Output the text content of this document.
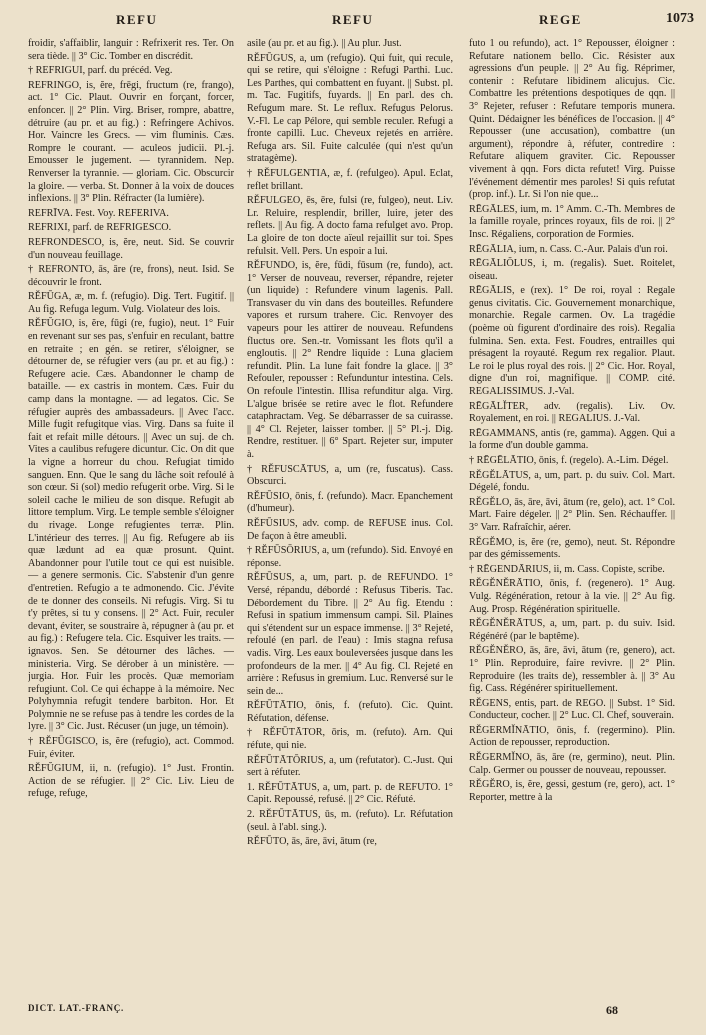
REFU	REFU	REGE	1073

froidir, s'affaiblir, languir : Refrixerit res. Ter. On sera tiède. || 3° Cic. Tomber en discrédit.

† REFRIGUI, parf. du précéd. Veg.

REFRINGO, is, ĕre, frēgi, fructum (re, frango), act. 1° Cic. Plaut. Ouvrir en forçant, forcer, enfoncer. || 2° Plin. Virg. Briser, rompre, abattre, détruire (au pr. et au fig.) : Refringere Achivos. Hor. Vaincre les Grecs. — vim fluminis. Cæs. Rompre le courant. — aculeos judicii. Pl.-j. Emousser le jugement. — tyrannidem. Nep. Renverser la tyrannie. — gloriam. Cic. Obscurcir la gloire. — verba. St. Donner à la voix de douces inflexions. || 3° Plin. Réfracter (la lumière).

REFRĪVA. Fest. Voy. REFERIVA.

REFRIXI, parf. de REFRIGESCO.

REFRONDESCO, is, ĕre, neut. Sid. Se couvrir d'un nouveau feuillage.

† REFRONTO, ās, āre (re, frons), neut. Isid. Se découvrir le front.

RĔFŪGA, æ, m. f. (refugio). Dig. Tert. Fugitif. || Au fig. Refuga legum. Vulg. Violateur des lois.

RĔFŬGIO, is, ĕre, fūgi (re, fugio), neut. 1° Fuir en revenant sur ses pas, s'enfuir en reculant, battre en retraite ; en gén. se retirer, s'éloigner, se détourner de, se réfugier vers (au pr. et au fig.) : Refugere acie. Cæs. Abandonner le champ de bataille. — ex castris in montem. Cæs. Fuir du camp dans la montagne. — ad legatos. Cic. Se réfugier auprès des ambassadeurs. || Avec l'acc. Mille fugit refugitque vias. Virg. Dans sa fuite il fait et refait mille détours. || Avec un suj. de ch. Vites a caulibus refugere dicuntur. Cic. On dit que la vigne a horreur du chou. Refugiat timido sanguen. Enn. Que le sang du lâche soit refoulé à son cœur. Si (sol) medio refugerit orbe. Virg. Si le soleil cache le milieu de son disque. Refugit ab littore templum. Virg. Le temple semble s'éloigner du rivage. Longe refugientes terræ. Plin. L'intérieur des terres. || Au fig. Refugere ab iis quæ lædunt ad ea quæ prosunt. Quint. Abandonner pour l'utile tout ce qui est nuisible. — a genere sermonis. Cic. S'abstenir d'un genre d'entretien. Refugio a te admonendo. Cic. J'évite de te donner des conseils. Ni refugis. Virg. Si tu t'y prêtes, si tu y consens. || 2° Act. Fuir, reculer devant, éviter, se soustraire à, répugner à (au pr. et au fig.) : Refugere tela. Cic. Esquiver les traits. — ignavos. Sen. Se détourner des lâches. — ministeria. Virg. Se dérober à un ministère. — jurgia. Hor. Fuir les procès. Quæ memoriam refugiunt. Col. Ce qui échappe à la mémoire. Nec Polyhymnia refugit tendere barbiton. Hor. Et Polymnie ne se refuse pas à tendre les cordes de la lyre. || 3° Cic. Just. Récuser (un juge, un témoin).

† RĔFŪGISCO, is, ĕre (refugio), act. Commod. Fuir, éviter.

RĔFŬGIUM, ii, n. (refugio). 1° Just. Frontin. Action de se réfugier. || 2° Cic. Liv. Lieu de refuge, refuge,

asile (au pr. et au fig.). || Au plur. Just.

RĔFŪGUS, a, um (refugio). Qui fuit, qui recule, qui se retire, qui s'éloigne : Refugi Parthi. Luc. Les Parthes, qui combattent en fuyant. || Subst. pl. m. Tac. Fugitifs, fuyards. || En parl. des ch. Refugum mare. St. Le reflux. Refugus Pelorus. V.-Fl. Le cap Pélore, qui semble reculer. Refugi a fronte capilli. Luc. Cheveux rejetés en arrière. Refuga ars. Sil. Fuite calculée (qui n'est qu'un stratagème).

† RĔFULGENTIA, æ, f. (refulgeo). Apul. Eclat, reflet brillant.

RĔFULGEO, ēs, ēre, fulsi (re, fulgeo), neut. Liv. Lr. Reluire, resplendir, briller, luire, jeter des reflets. || Au fig. A docto fama refulget avo. Prop. La gloire de ton docte aïeul rejaillit sur toi. Spes refulsit. Vell. Pers. Un espoir a lui.

RĔFUNDO, is, ĕre, fūdi, fūsum (re, fundo), act. 1° Verser de nouveau, reverser, répandre, rejeter (un liquide) : Refundere vinum lagenis. Pall. Transvaser du vin dans des bouteilles. Refundere vapores et rursum trahere. Cic. Renvoyer des vapeurs pour les attirer de nouveau. Refundens fluctus ore. Sen.-tr. Vomissant les flots qu'il a engloutis. || 2° Rendre liquide : Luna glaciem refundit. Plin. La lune fait fondre la glace. || 3° Refouler, repousser : Refunduntur intestina. Cels. On refoule l'intestin. Illisa refunditur alga. Virg. L'algue brisée se retire avec le flot. Refundere cataphractam. Veg. Se débarrasser de sa cuirasse. || 4° Cl. Rejeter, laisser tomber. || 5° Pl.-j. Dig. Rendre, restituer. || 6° Spart. Rejeter sur, imputer à.

† RĔFUSCĀTUS, a, um (re, fuscatus). Cass. Obscurci.

RĔFŪSIO, ōnis, f. (refundo). Macr. Epanchement (d'humeur).

RĔFŪSIUS, adv. comp. de REFUSE inus. Col. De façon à être ameubli.

† RĔFŪSŌRIUS, a, um (refundo). Sid. Envoyé en réponse.

RĔFŪSUS, a, um, part. p. de REFUNDO. 1° Versé, répandu, débordé : Refusus Tiberis. Tac. Débordement du Tibre. || 2° Au fig. Etendu : Refusi in spatium immensum campi. Sil. Plaines qui s'étendent sur un espace immense. || 3° Rejeté, refoulé (en parl. de l'eau) : Imis stagna refusa vadis. Virg. Les eaux bouleversées jusque dans les profondeurs de la mer. || 4° Au fig. Cl. Rejeté en arrière : Refusus in gremium. Luc. Renversé sur le sein de...

RĔFŪTĀTIO, ōnis, f. (refuto). Cic. Quint. Réfutation, défense.

† RĔFŪTĀTOR, ōris, m. (refuto). Arn. Qui réfute, qui nie.

RĔFŪTĀTŌRIUS, a, um (refutator). C.-Just. Qui sert à réfuter.

1. RĔFŪTĀTUS, a, um, part. p. de REFUTO. 1° Capit. Repoussé, refusé. || 2° Cic. Réfuté.

2. RĔFŪTĀTUS, ūs, m. (refuto). Lr. Réfutation (seul. à l'abl. sing.).

RĔFŪTO, ās, āre, āvi, ātum (re,

futo 1 ou refundo), act. 1° Repousser, éloigner : Refutare nationem bello. Cic. Résister aux agressions d'un peuple. || 2° Au fig. Réprimer, contenir : Refutare libidinem alicujus. Cic. Combattre les prétentions despotiques de qqn. || 3° Rejeter, refuser : Refutare temporis munera. Quint. Dédaigner les bénéfices de l'occasion. || 4° Repousser (une accusation), combattre (un argument), répondre à, réfuter, contredire : Refutare aliquem graviter. Cic. Repousser vivement à qqn. Fors dicta refutet! Virg. Puisse l'événement démentir mes paroles! Si quis refutat (prop. inf.). Lr. Si l'on nie que...

RĒGĀLES, ium, m. 1° Amm. C.-Th. Membres de la famille royale, princes royaux, fils de roi. || 2° Insc. Régaliens, corporation de Formies.

RĒGĀLIA, ium, n. Cass. C.-Aur. Palais d'un roi.

RĒGĀLIŎLUS, i, m. (regalis). Suet. Roitelet, oiseau.

RĒGĀLIS, e (rex). 1° De roi, royal : Regale genus civitatis. Cic. Gouvernement monarchique, monarchie. Regale carmen. Ov. La tragédie (poème où figurent d'ordinaire des rois). Regalia fulmina. Sen. exta. Fest. Foudres, entrailles qui présagent la royauté. Regum rex regalior. Plaut. Le roi le plus royal des rois. || 2° Cic. Hor. Royal, digne d'un roi, magnifique. || COMP. cité. REGALISSIMUS. J.-Val.

RĒGĀLĬTER, adv. (regalis). Liv. Ov. Royalement, en roi. || REGALIUS. J.-Val.

RĒGAMMANS, antis (re, gamma). Aggen. Qui a la forme d'un double gamma.

† RĒGĒLĀTIO, ōnis, f. (regelo). A.-Lim. Dégel.

RĔGĔLĀTUS, a, um, part. p. du suiv. Col. Mart. Dégelé, fondu.

RĔGĔLO, ās, āre, āvi, ātum (re, gelo), act. 1° Col. Mart. Faire dégeler. || 2° Plin. Sen. Réchauffer. || 3° Varr. Rafraîchir, aérer.

RĔGĔMO, is, ĕre (re, gemo), neut. St. Répondre par des gémissements.

† RĒGENDĀRIUS, ii, m. Cass. Copiste, scribe.

RĔGĔNĔRĀTIO, ōnis, f. (regenero). 1° Aug. Vulg. Régénération, retour à la vie. || 2° Au fig. Aug. Prosp. Régénération spirituelle.

RĔGĔNĔRĀTUS, a, um, part. p. du suiv. Isid. Régénéré (par le baptême).

RĔGĔNĔRO, ās, āre, āvi, ātum (re, genero), act. 1° Plin. Reproduire, faire revivre. || 2° Plin. Reproduire (les traits de), ressembler à. || 3° Au fig. Cass. Régénérer spirituellement.

RĔGENS, entis, part. de REGO. || Subst. 1° Sid. Conducteur, cocher. || 2° Luc. Cl. Chef, souverain.

RĔGERMĬNĀTIO, ōnis, f. (regermino). Plin. Action de repousser, reproduction.

RĔGERMĬNO, ās, āre (re, germino), neut. Plin. Calp. Germer ou pousser de nouveau, repousser.

RĔGĔRO, is, ĕre, gessi, gestum (re, gero), act. 1° Reporter, mettre à la

DICT. LAT.-FRANÇ.	68
